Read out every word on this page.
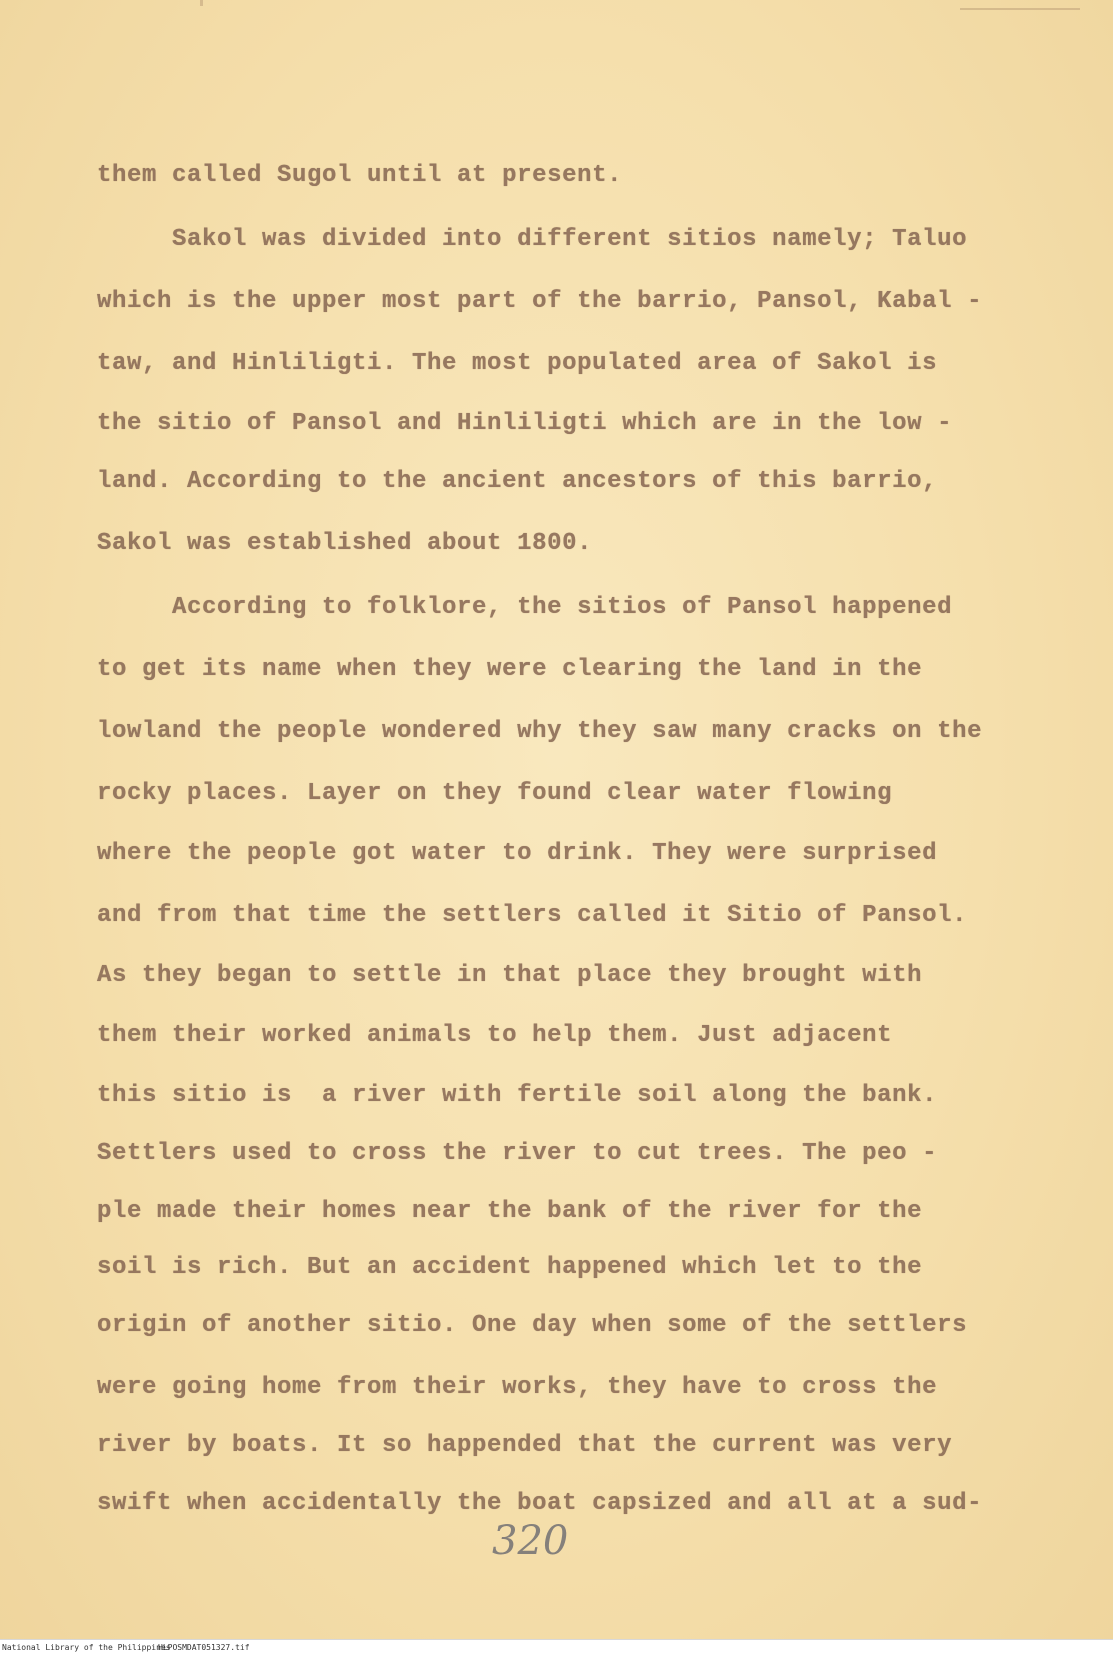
them called Sugol until at present.
Sakol was divided into different sitios namely; Taluo
which is the upper most part of the barrio, Pansol, Kabal -
taw, and Hinliligti. The most populated area of Sakol is
the sitio of Pansol and Hinliligti which are in the low -
land. According to the ancient ancestors of this barrio,
Sakol was established about 1800.
According to folklore, the sitios of Pansol happened
to get its name when they were clearing the land in the
lowland the people wondered why they saw many cracks on the
rocky places. Layer on they found clear water flowing
where the people got water to drink. They were surprised
and from that time the settlers called it Sitio of Pansol.
As they began to settle in that place they brought with
them their worked animals to help them. Just adjacent
this sitio is  a river with fertile soil along the bank.
Settlers used to cross the river to cut trees. The peo -
ple made their homes near the bank of the river for the
soil is rich. But an accident happened which let to the
origin of another sitio. One day when some of the settlers
were going home from their works, they have to cross the
river by boats. It so happended that the current was very
swift when accidentally the boat capsized and all at a sud-
320
National Library of the Philippines
HLPOSMDAT051327.tif
